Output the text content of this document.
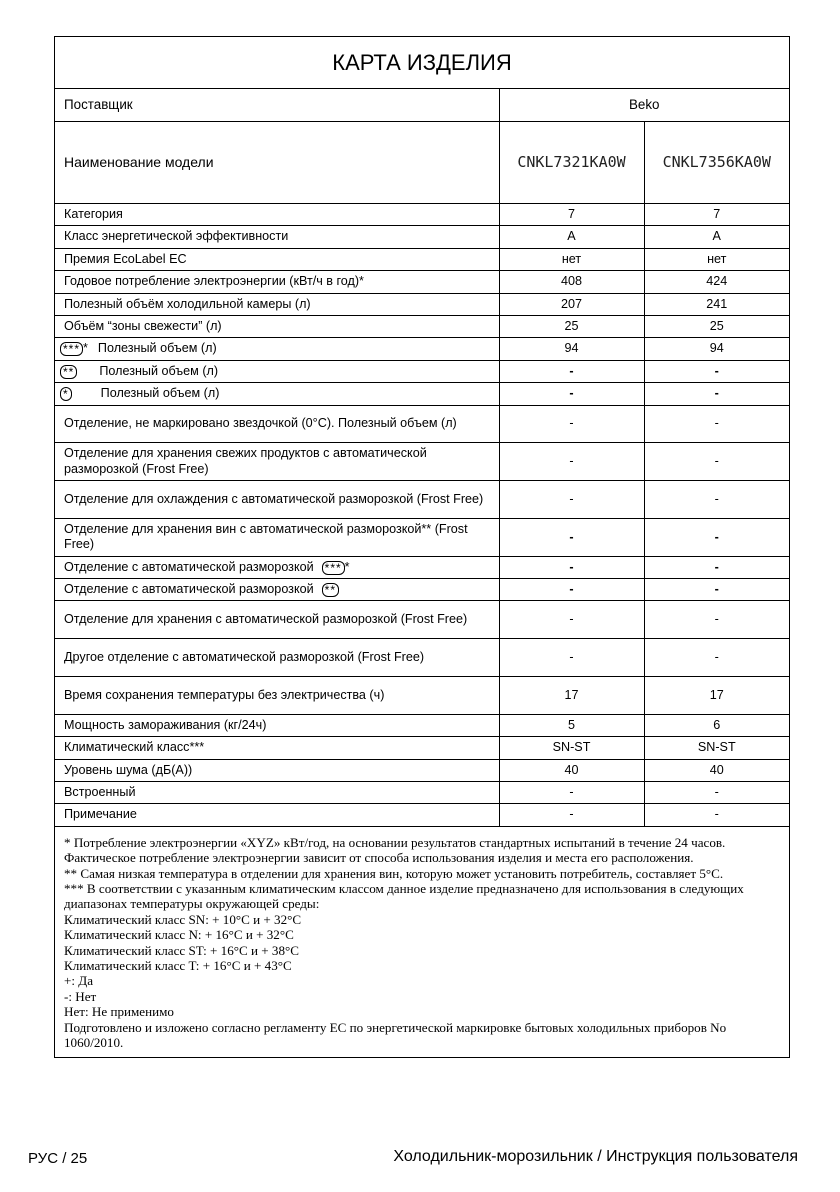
КАРТА ИЗДЕЛИЯ
Поставщик	Beko	
Наименование модели	CNKL7321KA0W	CNKL7356KA0W
Категория	7	7
Класс энергетической эффективности	A	A
Премия EcoLabel EC	нет	нет
Годовое потребление электроэнергии (кВт/ч в год)*	408	424
Полезный объём холодильной камеры (л)	207	241
Объём “зоны свежести” (л)	25	25
*** * Полезный объем (л)	94	94
** Полезный объем (л)	-	-
* Полезный объем (л)	-	-
Отделение, не маркировано звездочкой (0°C). Полезный объем (л)	-	-
Отделение для хранения свежих продуктов с автоматической разморозкой (Frost Free)	-	-
Отделение для охлаждения с автоматической разморозкой (Frost Free)	-	-
Отделение для хранения вин с автоматической разморозкой** (Frost Free)	-	-
Отделение с автоматической разморозкой *** *	-	-
Отделение с автоматической разморозкой **	-	-
Отделение для хранения с автоматической разморозкой (Frost Free)	-	-
Другое отделение с автоматической разморозкой (Frost Free)	-	-
Время сохранения температуры без электричества (ч)	17	17
Мощность замораживания (кг/24ч)	5	6
Климатический класс***	SN-ST	SN-ST
Уровень шума (дБ(А))	40	40
Встроенный	-	-
Примечание	-	-
* Потребление электроэнергии «XYZ» кВт/год, на основании результатов стандартных испытаний в течение 24 часов. Фактическое потребление электроэнергии зависит от способа использования изделия и места его расположения.
** Самая низкая температура в отделении для хранения вин, которую может установить потребитель, составляет 5°C.
*** В соответствии с указанным климатическим классом данное изделие предназначено для использования в следующих диапазонах температуры окружающей среды:
Климатический класс SN: + 10°C и + 32°C
Климатический класс N: + 16°C и + 32°C
Климатический класс ST: + 16°C и + 38°C
Климатический класс T: + 16°C и + 43°C
+: Да
-: Нет
Нет: Не применимо
Подготовлено и изложено согласно регламенту ЕС по энергетической маркировке бытовых холодильных приборов No 1060/2010.
РУС / 25	Холодильник-морозильник / Инструкция пользователя
